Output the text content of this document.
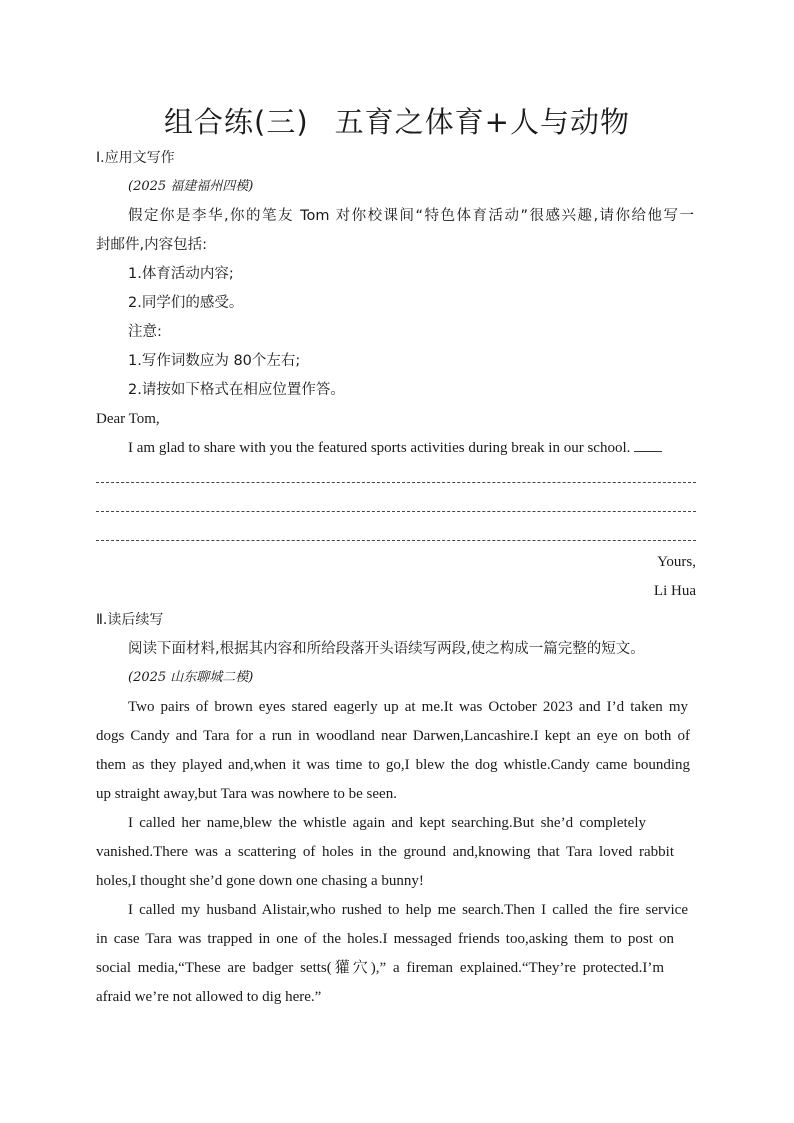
组合练(三) 五育之体育+人与动物
Ⅰ.应用文写作
(2025 福建福州四模)
假定你是李华,你的笔友 Tom 对你校课间“特色体育活动”很感兴趣,请你给他写一
封邮件,内容包括:
1.体育活动内容;
2.同学们的感受。
注意:
1.写作词数应为 80个左右;
2.请按如下格式在相应位置作答。
Dear Tom,
I am glad to share with you the featured sports activities during break in our school.
Yours,
Li Hua
Ⅱ.读后续写
阅读下面材料,根据其内容和所给段落开头语续写两段,使之构成一篇完整的短文。
(2025 山东聊城二模)
Two pairs of brown eyes stared eagerly up at me.It was October 2023 and I’d taken my
dogs Candy and Tara for a run in woodland near Darwen,Lancashire.I kept an eye on both of
them as they played and,when it was time to go,I blew the dog whistle.Candy came bounding
up straight away,but Tara was nowhere to be seen.
I called her name,blew the whistle again and kept searching.But she’d completely
vanished.There was a scattering of holes in the ground and,knowing that Tara loved rabbit
holes,I thought she’d gone down one chasing a bunny!
I called my husband Alistair,who rushed to help me search.Then I called the fire service
in case Tara was trapped in one of the holes.I messaged friends too,asking them to post on
social media,“These are badger setts(獾穴),” a fireman explained.“They’re protected.I’m
afraid we’re not allowed to dig here.”
